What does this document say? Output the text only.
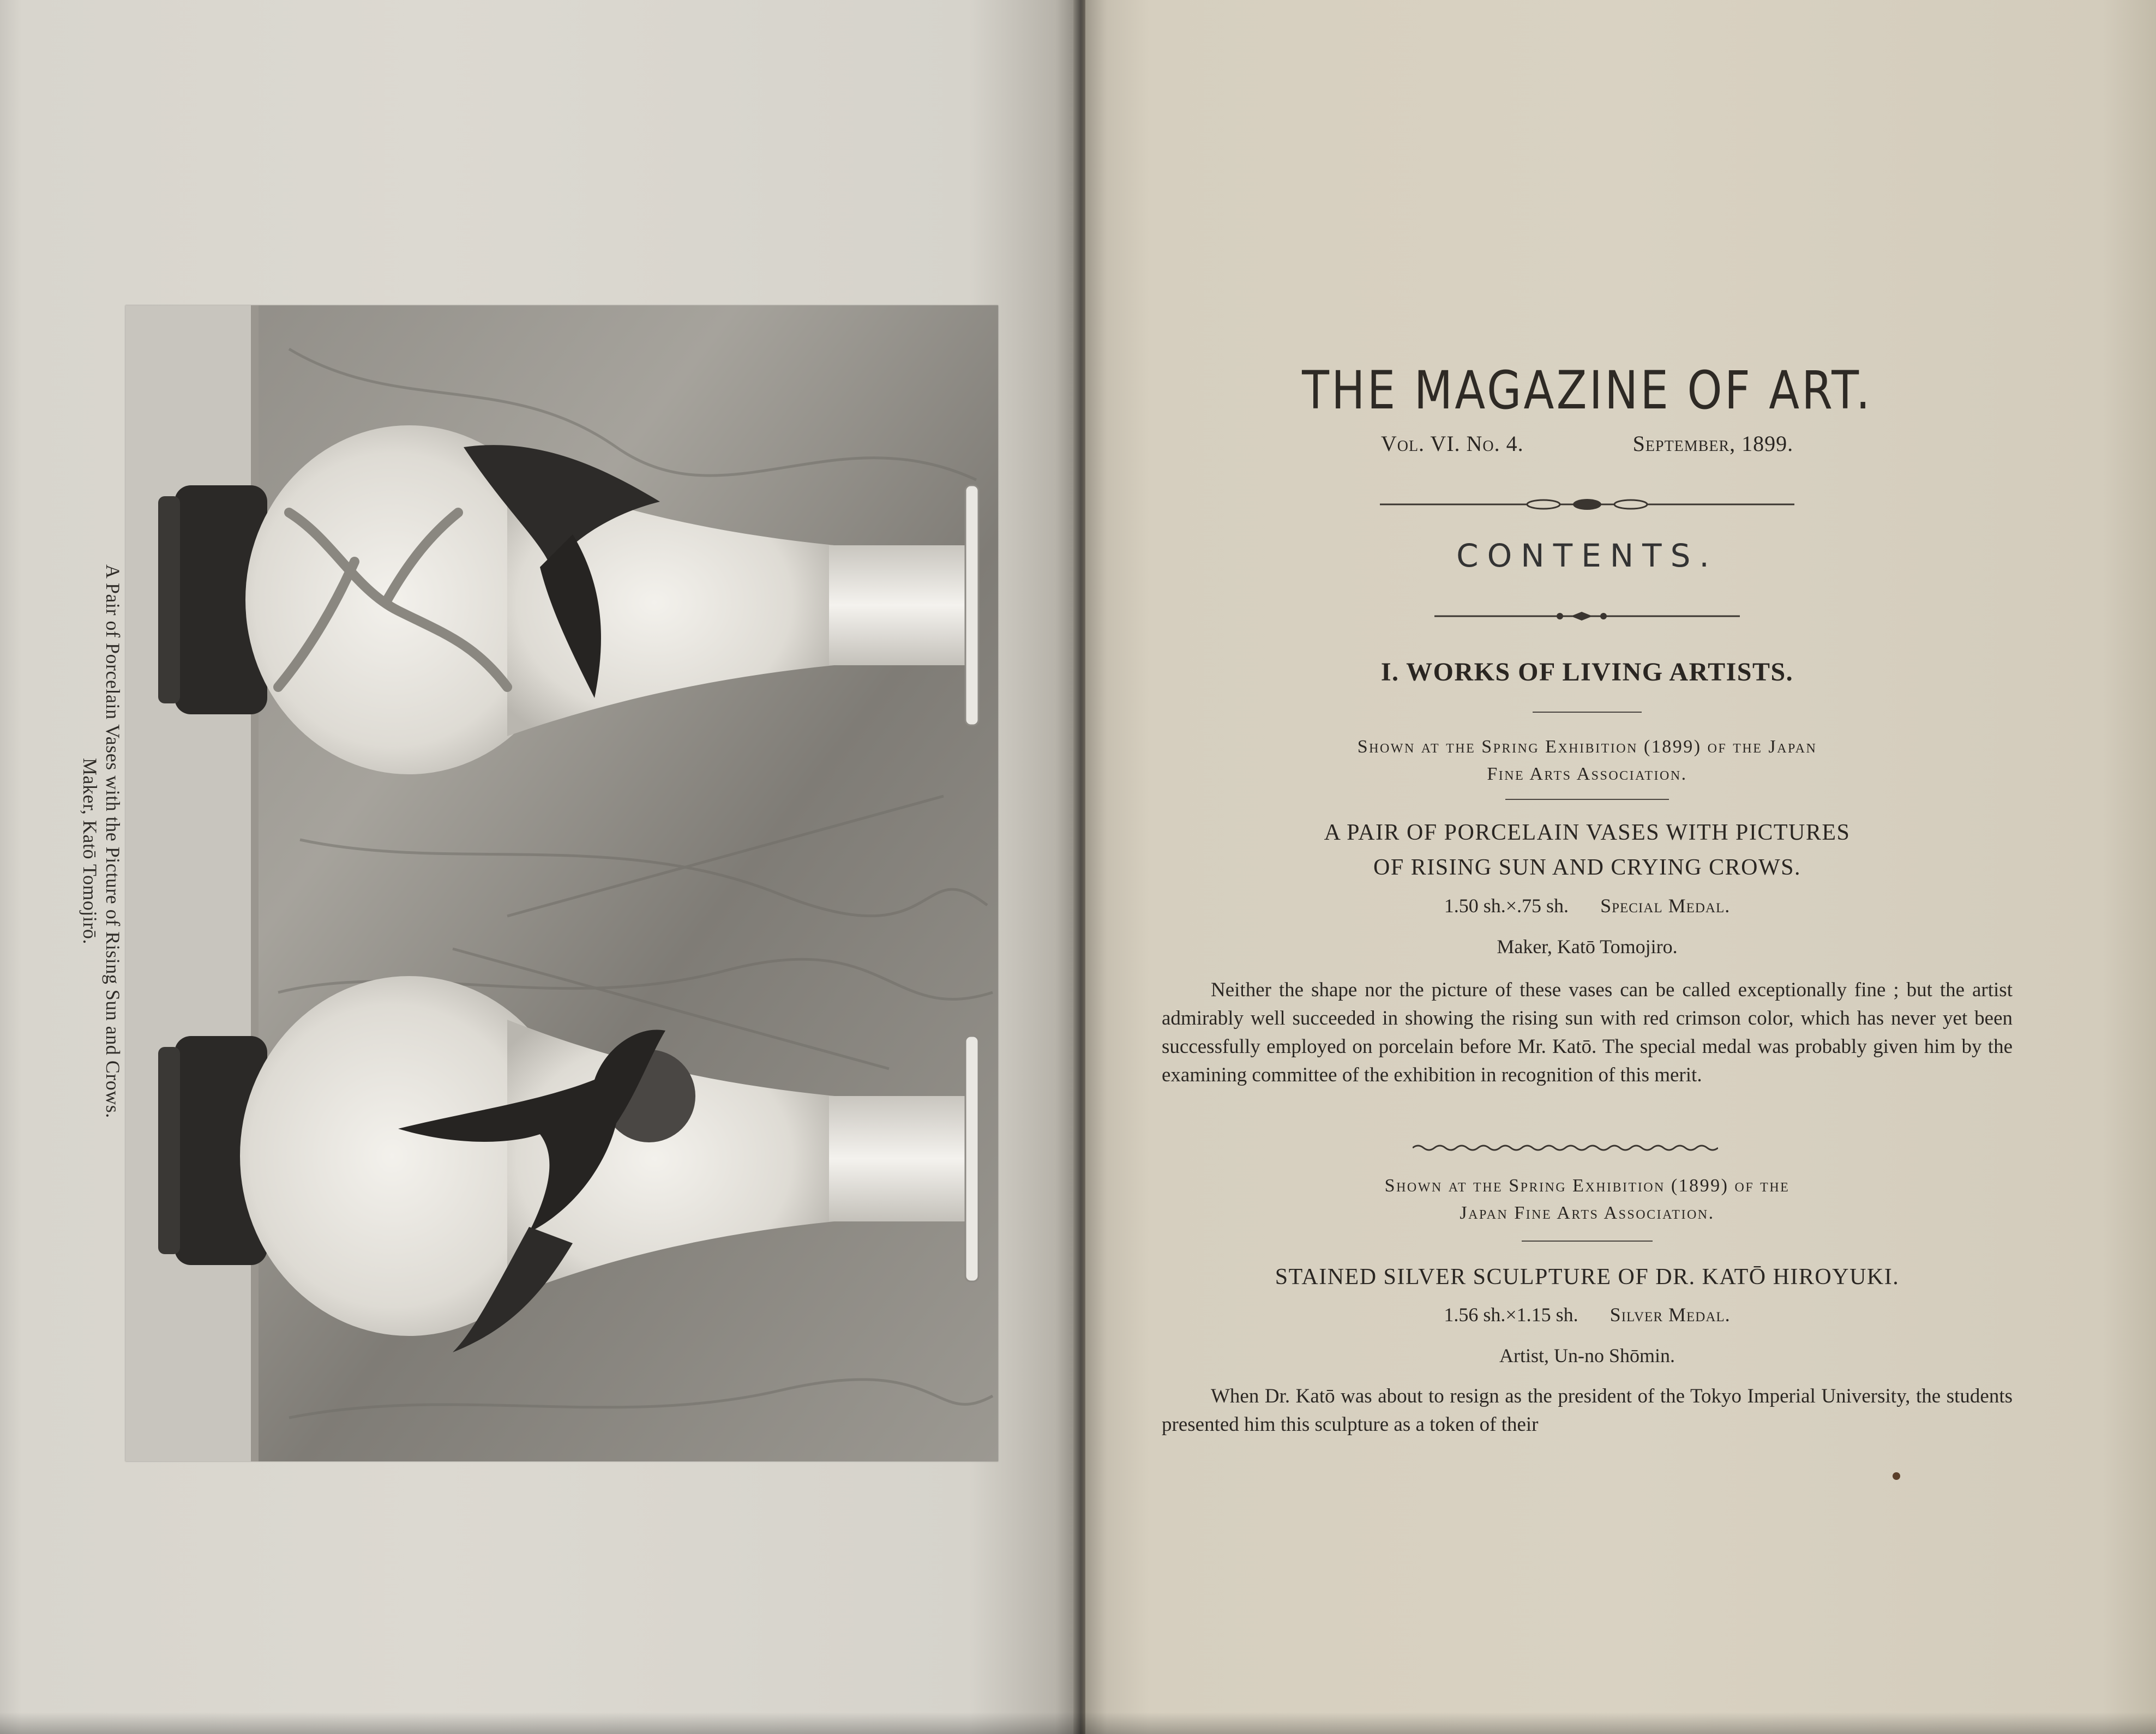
A Pair of Porcelain Vases with the Picture of Rising Sun and Crows.
Maker, Katō Tomojirō.
THE MAGAZINE OF ART.
Vol. VI. No. 4.	September, 1899.
CONTENTS.
I. WORKS OF LIVING ARTISTS.
Shown at the Spring Exhibition (1899) of the Japan
Fine Arts Association.
A PAIR OF PORCELAIN VASES WITH PICTURES
OF RISING SUN AND CRYING CROWS.
1.50 sh.×.75 sh. Special Medal.
Maker, Katō Tomojiro.
Neither the shape nor the picture of these vases can be called exceptionally fine ; but the artist admirably well succeeded in showing the rising sun with red crimson color, which has never yet been successfully employed on porcelain before Mr. Katō. The special medal was probably given him by the examining committee of the exhibition in recognition of this merit.
Shown at the Spring Exhibition (1899) of the
Japan Fine Arts Association.
STAINED SILVER SCULPTURE OF DR. KATŌ HIROYUKI.
1.56 sh.×1.15 sh. Silver Medal.
Artist, Un-no Shōmin.
When Dr. Katō was about to resign as the president of the Tokyo Imperial University, the students presented him this sculpture as a token of their
